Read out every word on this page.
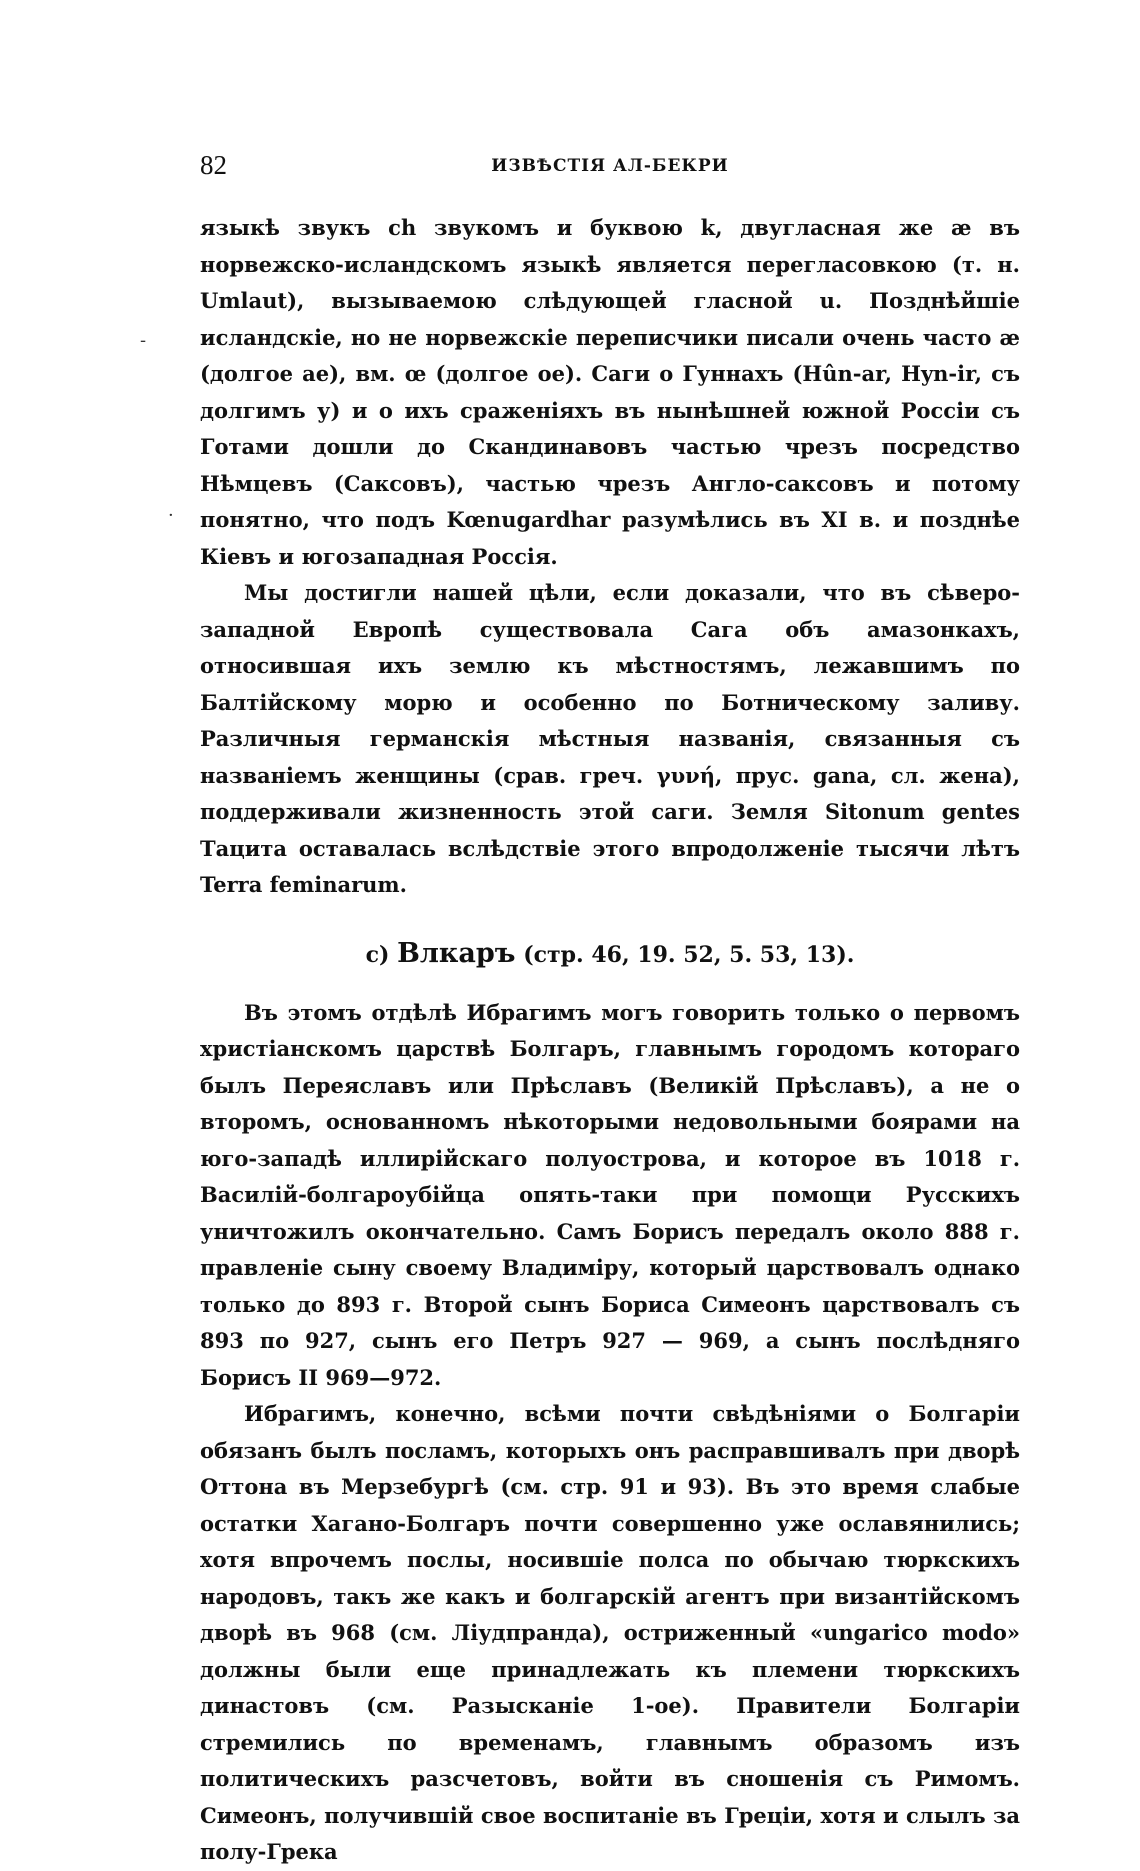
-
·
82	ИЗВѢСТІЯ АЛ-БЕКРИ

языкѣ звукъ ch звукомъ и буквою k, двугласная же æ въ норвежско-исландскомъ языкѣ является перегласовкою (т. н. Umlaut), вызываемою слѣдующей гласной u. Позднѣйшіе исландскіе, но не норвежскіе переписчики писали очень часто æ (долгое ае), вм. œ (долгое ое). Саги о Гуннахъ (Hûn-ar, Hyn-ir, съ долгимъ у) и о ихъ сраженіяхъ въ нынѣшней южной Россіи съ Готами дошли до Скандинавовъ частью чрезъ посредство Нѣмцевъ (Саксовъ), частью чрезъ Англо-саксовъ и потому понятно, что подъ Kœnugardhar разумѣлись въ XI в. и позднѣе Кіевъ и югозападная Россія.

Мы достигли нашей цѣли, если доказали, что въ сѣверо-западной Европѣ существовала Сага объ амазонкахъ, относившая ихъ землю къ мѣстностямъ, лежавшимъ по Балтійскому морю и особенно по Ботническому заливу. Различныя германскія мѣстныя названія, связанныя съ названіемъ женщины (срав. греч. γυνή, прус. gana, сл. жена), поддерживали жизненность этой саги. Земля Sitonum gentes Тацита оставалась вслѣдствіе этого впродолженіе тысячи лѣтъ Terra feminarum.

c) Влкаръ (стр. 46, 19. 52, 5. 53, 13).

Въ этомъ отдѣлѣ Ибрагимъ могъ говорить только о первомъ христіанскомъ царствѣ Болгаръ, главнымъ городомъ котораго былъ Переяславъ или Прѣславъ (Великій Прѣславъ), а не о второмъ, основанномъ нѣкоторыми недовольными боярами на юго-западѣ иллирійскаго полуострова, и которое въ 1018 г. Василій-болгароубійца опять-таки при помощи Русскихъ уничтожилъ окончательно. Самъ Борисъ передалъ около 888 г. правленіе сыну своему Владиміру, который царствовалъ однако только до 893 г. Второй сынъ Бориса Симеонъ царствовалъ съ 893 по 927, сынъ его Петръ 927 — 969, а сынъ послѣдняго Борисъ II 969—972.

Ибрагимъ, конечно, всѣми почти свѣдѣніями о Болгаріи обязанъ былъ посламъ, которыхъ онъ расправшивалъ при дворѣ Оттона въ Мерзебургѣ (см. стр. 91 и 93). Въ это время слабые остатки Хагано-Болгаръ почти совершенно уже ославянились; хотя впрочемъ послы, носившіе полса по обычаю тюркскихъ народовъ, такъ же какъ и болгарскій агентъ при византійскомъ дворѣ въ 968 (см. Ліудпранда), остриженный «ungarico modo» должны были еще принадлежать къ племени тюркскихъ династовъ (см. Разысканіе 1-ое). Правители Болгаріи стремились по временамъ, главнымъ образомъ изъ политическихъ разсчетовъ, войти въ сношенія съ Римомъ. Симеонъ, получившій свое воспитаніе въ Греціи, хотя и слылъ за полу-Грека
